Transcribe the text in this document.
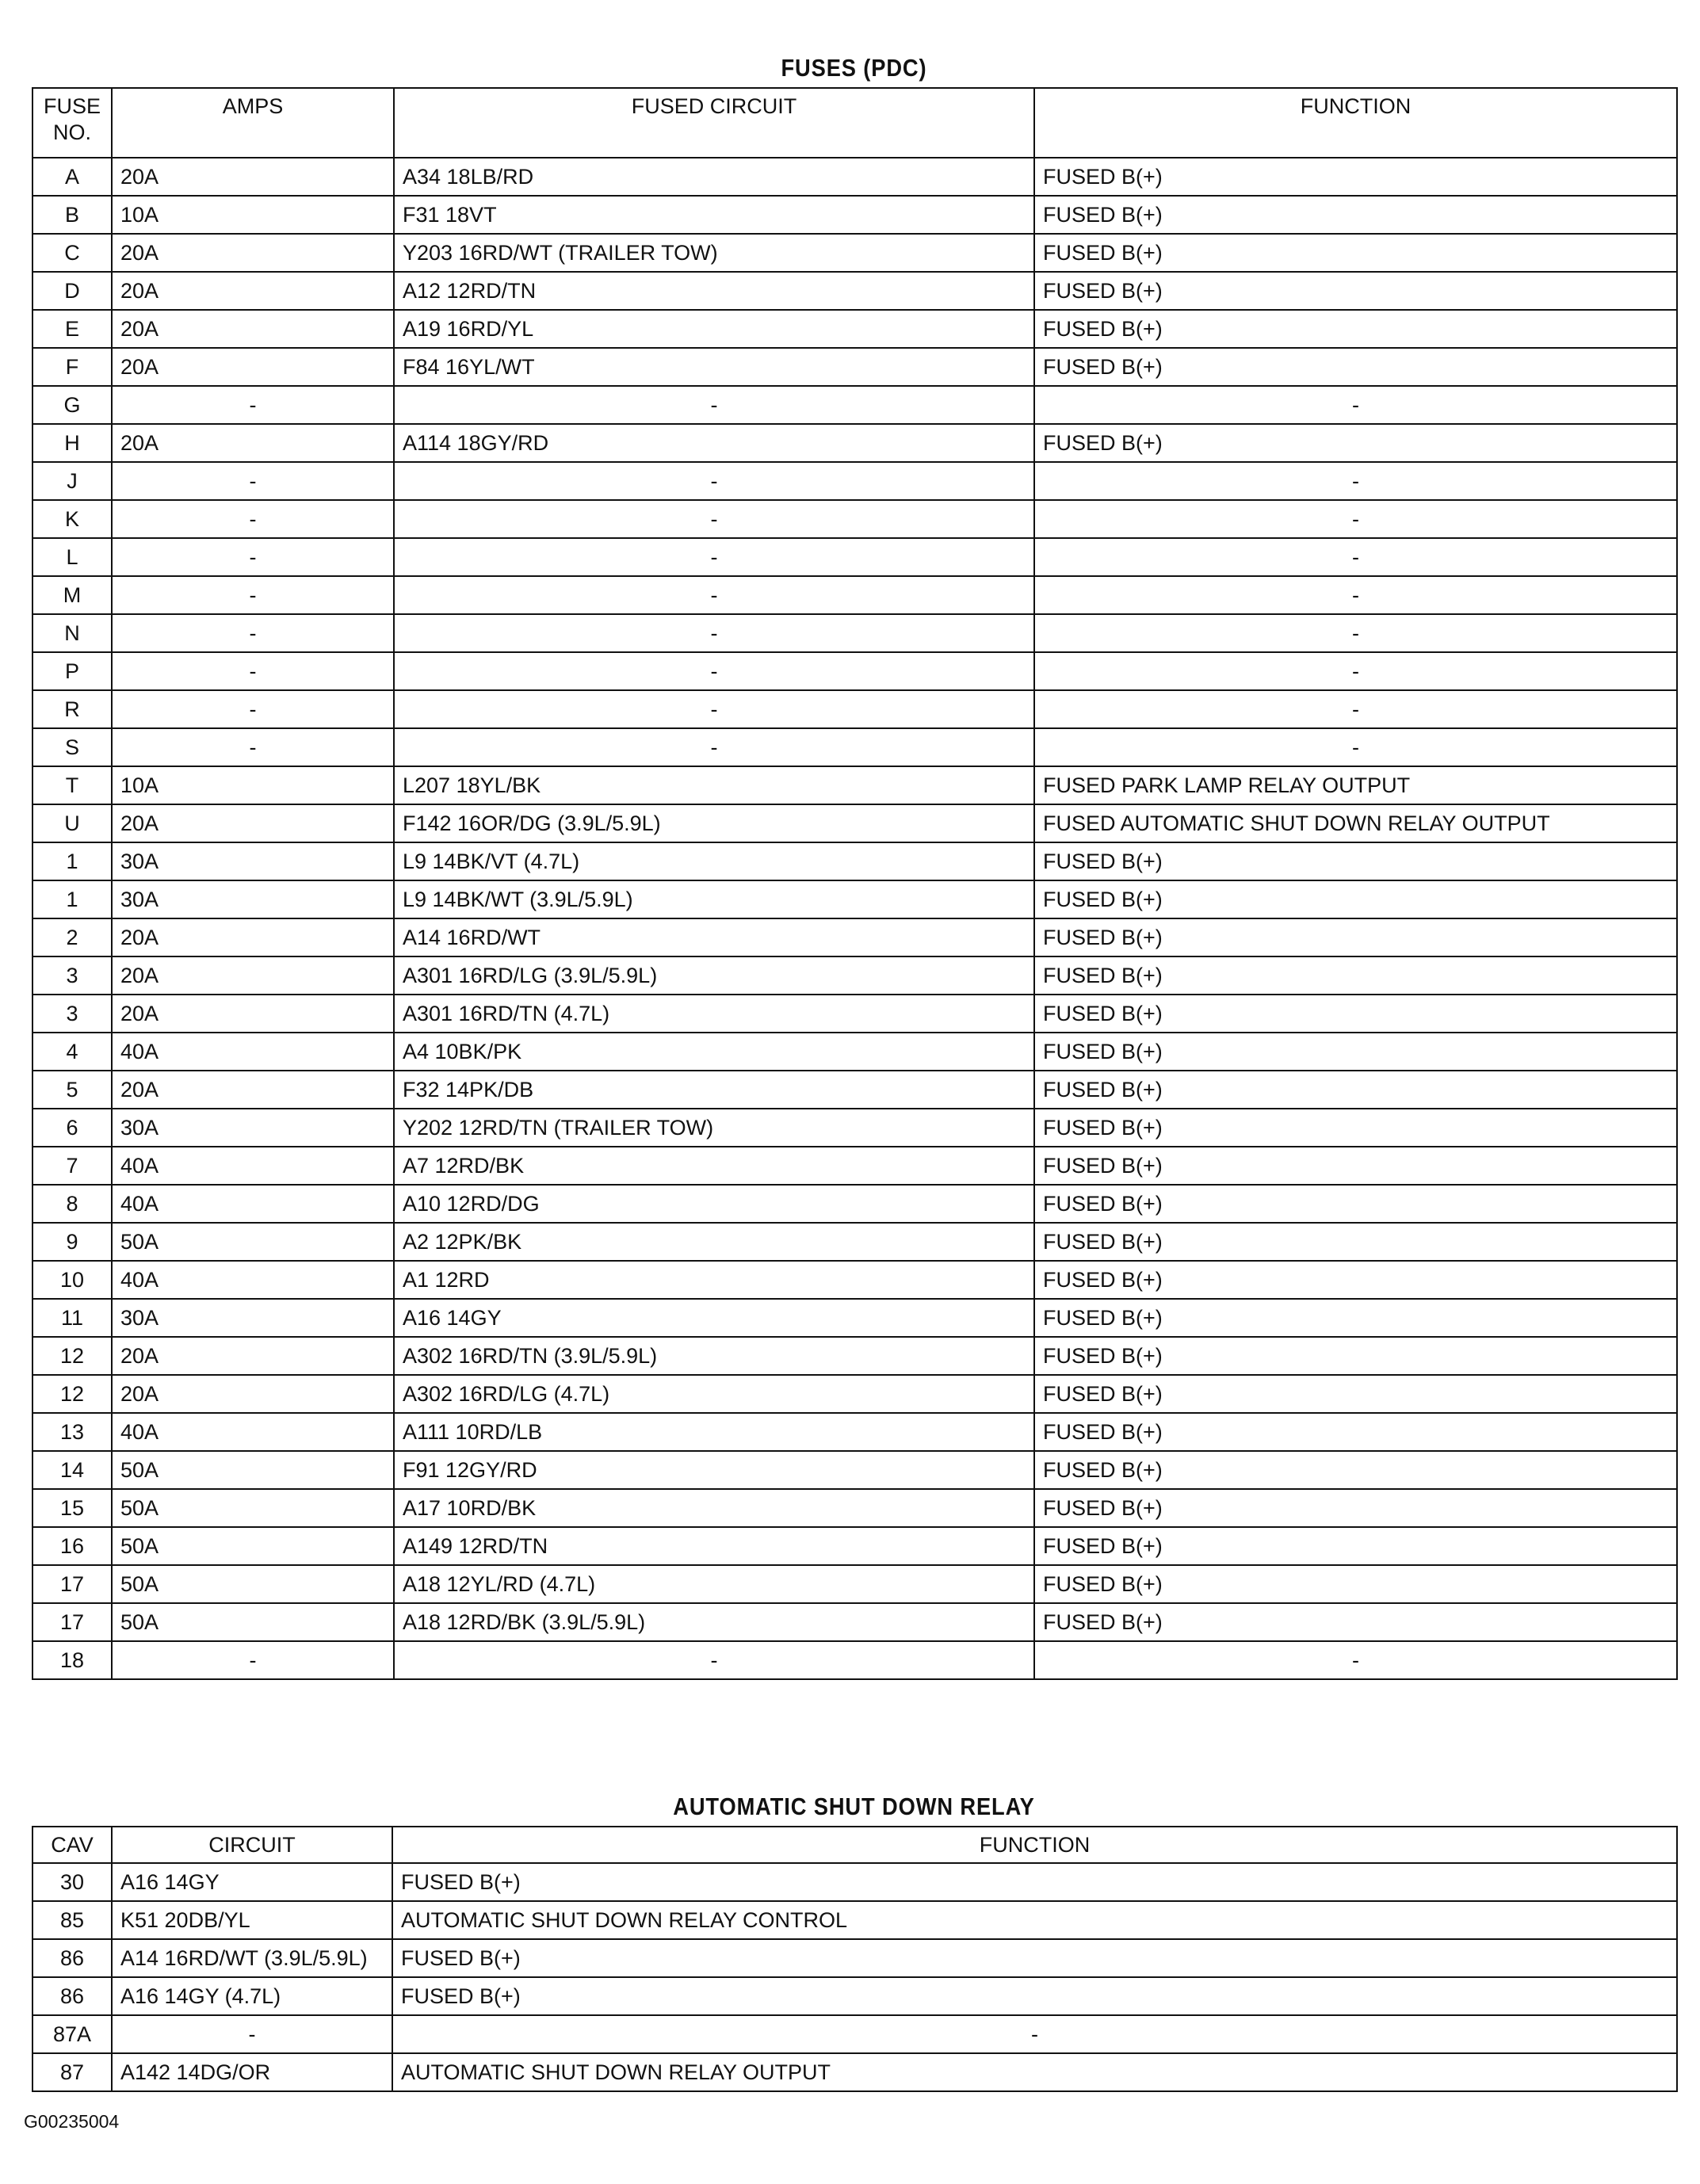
FUSES (PDC)
FUSE
NO.	AMPS	FUSED CIRCUIT	FUNCTION
A	20A	A34 18LB/RD	FUSED B(+)
B	10A	F31 18VT	FUSED B(+)
C	20A	Y203 16RD/WT (TRAILER TOW)	FUSED B(+)
D	20A	A12 12RD/TN	FUSED B(+)
E	20A	A19 16RD/YL	FUSED B(+)
F	20A	F84 16YL/WT	FUSED B(+)
G	-	-	-
H	20A	A114 18GY/RD	FUSED B(+)
J	-	-	-
K	-	-	-
L	-	-	-
M	-	-	-
N	-	-	-
P	-	-	-
R	-	-	-
S	-	-	-
T	10A	L207 18YL/BK	FUSED PARK LAMP RELAY OUTPUT
U	20A	F142 16OR/DG (3.9L/5.9L)	FUSED AUTOMATIC SHUT DOWN RELAY OUTPUT
1	30A	L9 14BK/VT (4.7L)	FUSED B(+)
1	30A	L9 14BK/WT (3.9L/5.9L)	FUSED B(+)
2	20A	A14 16RD/WT	FUSED B(+)
3	20A	A301 16RD/LG (3.9L/5.9L)	FUSED B(+)
3	20A	A301 16RD/TN (4.7L)	FUSED B(+)
4	40A	A4 10BK/PK	FUSED B(+)
5	20A	F32 14PK/DB	FUSED B(+)
6	30A	Y202 12RD/TN (TRAILER TOW)	FUSED B(+)
7	40A	A7 12RD/BK	FUSED B(+)
8	40A	A10 12RD/DG	FUSED B(+)
9	50A	A2 12PK/BK	FUSED B(+)
10	40A	A1 12RD	FUSED B(+)
11	30A	A16 14GY	FUSED B(+)
12	20A	A302 16RD/TN (3.9L/5.9L)	FUSED B(+)
12	20A	A302 16RD/LG (4.7L)	FUSED B(+)
13	40A	A111 10RD/LB	FUSED B(+)
14	50A	F91 12GY/RD	FUSED B(+)
15	50A	A17 10RD/BK	FUSED B(+)
16	50A	A149 12RD/TN	FUSED B(+)
17	50A	A18 12YL/RD (4.7L)	FUSED B(+)
17	50A	A18 12RD/BK (3.9L/5.9L)	FUSED B(+)
18	-	-	-
AUTOMATIC SHUT DOWN RELAY
CAV	CIRCUIT	FUNCTION
30	A16 14GY	FUSED B(+)
85	K51 20DB/YL	AUTOMATIC SHUT DOWN RELAY CONTROL
86	A14 16RD/WT (3.9L/5.9L)	FUSED B(+)
86	A16 14GY (4.7L)	FUSED B(+)
87A	-	-
87	A142 14DG/OR	AUTOMATIC SHUT DOWN RELAY OUTPUT
G00235004
